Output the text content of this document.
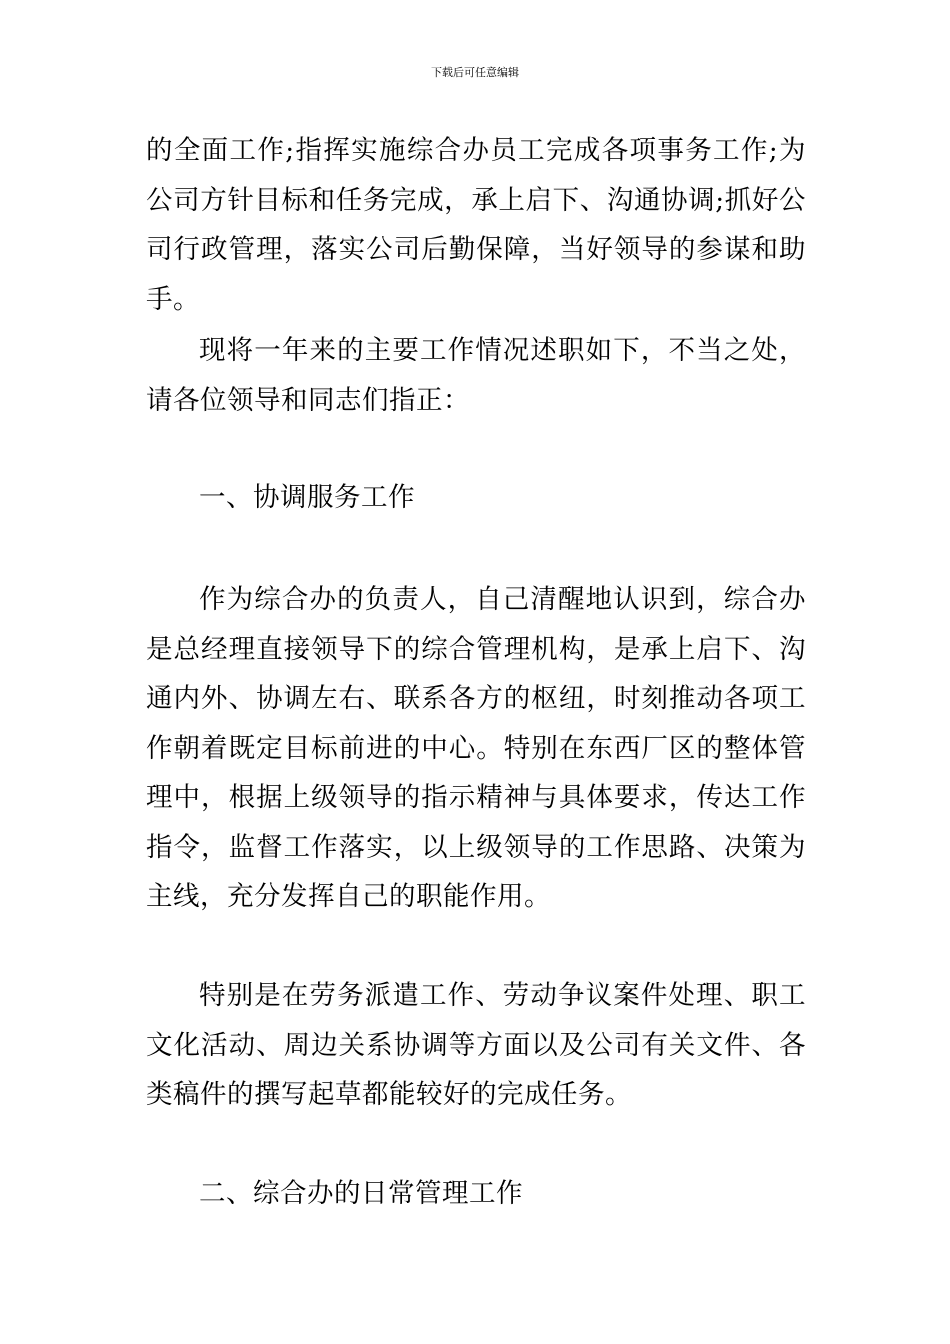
下载后可任意编辑

的全面工作;指挥实施综合办员工完成各项事务工作;为公司方针目标和任务完成，承上启下、沟通协调;抓好公司行政管理，落实公司后勤保障，当好领导的参谋和助手。

现将一年来的主要工作情况述职如下，不当之处，请各位领导和同志们指正：

一、协调服务工作

作为综合办的负责人，自己清醒地认识到，综合办是总经理直接领导下的综合管理机构，是承上启下、沟通内外、协调左右、联系各方的枢纽，时刻推动各项工作朝着既定目标前进的中心。特别在东西厂区的整体管理中，根据上级领导的指示精神与具体要求，传达工作指令，监督工作落实，以上级领导的工作思路、决策为主线，充分发挥自己的职能作用。

特别是在劳务派遣工作、劳动争议案件处理、职工文化活动、周边关系协调等方面以及公司有关文件、各类稿件的撰写起草都能较好的完成任务。

二、综合办的日常管理工作
